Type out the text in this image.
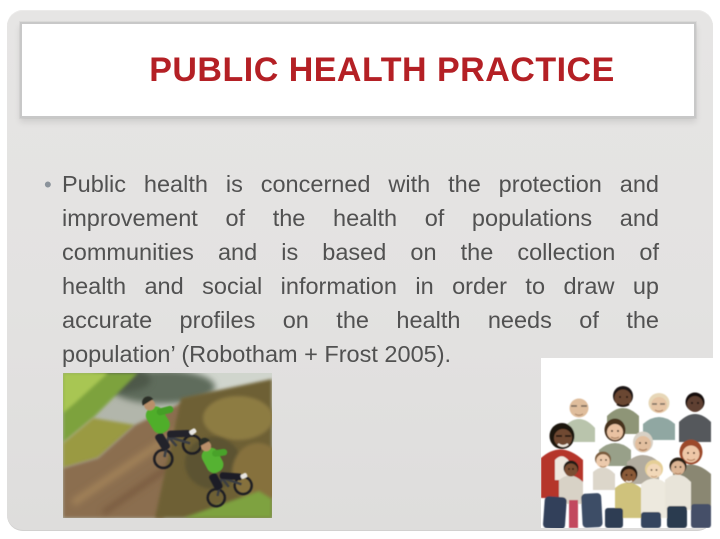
PUBLIC HEALTH PRACTICE
• Public health is concerned with the protection and
improvement of the health of populations and
communities and is based on the collection of
health and social information in order to draw up
accurate profiles on the health needs of the
population’ (Robotham + Frost 2005).
